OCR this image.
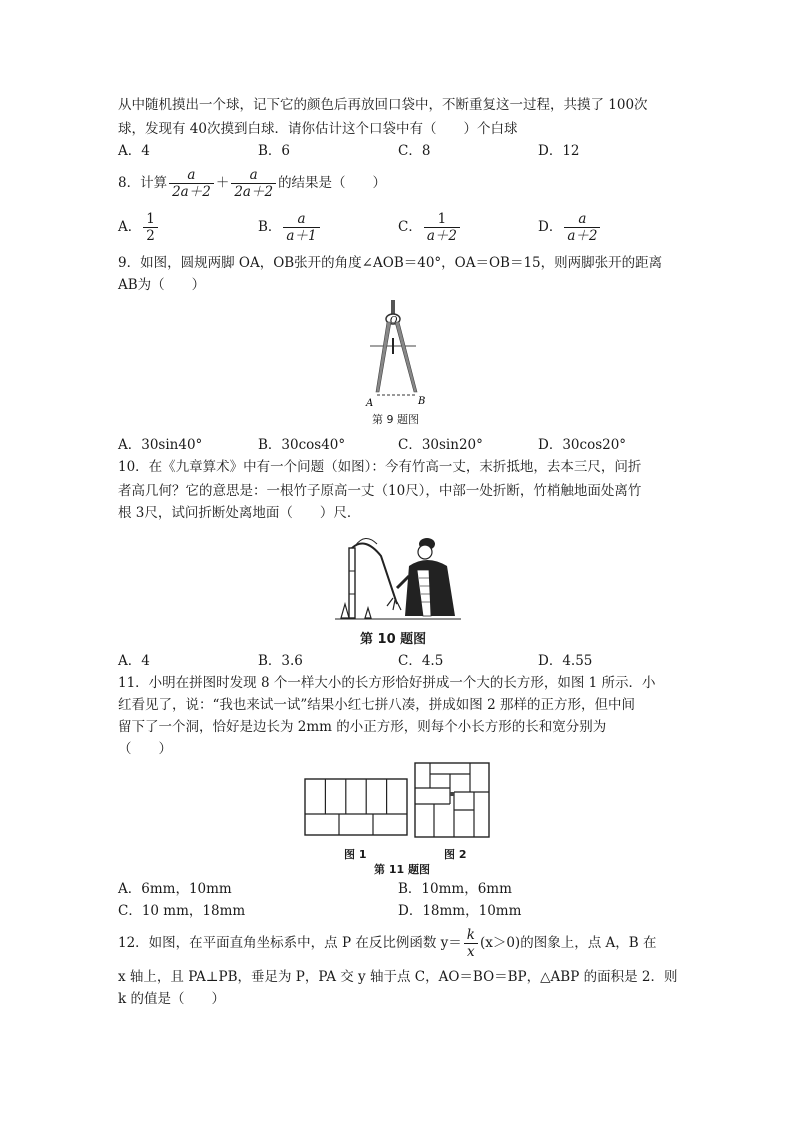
从中随机摸出一个球，记下它的颜色后再放回口袋中，不断重复这一过程，共摸了 100次
球，发现有 40次摸到白球．请你估计这个口袋中有（　　）个白球
A．4	B．6	C．8	D．12
8．计算 $\frac{a}{2a+2} + \frac{a}{2a+2}$ 的结果是（　　）
A． $\frac{1}{2}$	B． $\frac{a}{a+1}$	C． $\frac{1}{a+2}$	D． $\frac{a}{a+2}$
9．如图，圆规两脚 OA，OB张开的角度∠AOB＝40°，OA＝OB＝15，则两脚张开的距离
AB为（　　）
O
A	B
第 9 题图
A．30sin40°	B．30cos40°	C．30sin20°	D．30cos20°
10．在《九章算术》中有一个问题（如图）：今有竹高一丈，末折抵地，去本三尺，问折
者高几何？它的意思是：一根竹子原高一丈（10尺），中部一处折断，竹梢触地面处离竹
根 3尺，试问折断处离地面（　　）尺．
第 10 题图
A．4	B．3.6	C．4.5	D．4.55
11．小明在拼图时发现 8 个一样大小的长方形恰好拼成一个大的长方形，如图 1 所示．小
红看见了，说：“我也来试一试”结果小红七拼八凑，拼成如图 2 那样的正方形，但中间
留下了一个洞，恰好是边长为 2mm 的小正方形，则每个小长方形的长和宽分别为
（　　）
图 1	图 2
第 11 题图
A．6mm，10mm	B．10mm，6mm
C．10 mm，18mm	D．18mm，10mm
12．如图，在平面直角坐标系中，点 P 在反比例函数 $y= \frac{k}{x} (x>0)$的图象上，点 A，B 在
x 轴上，且 PA⊥PB，垂足为 P，PA 交 y 轴于点 C，AO＝BO＝BP，△ABP 的面积是 2．则
k 的值是（　　）
